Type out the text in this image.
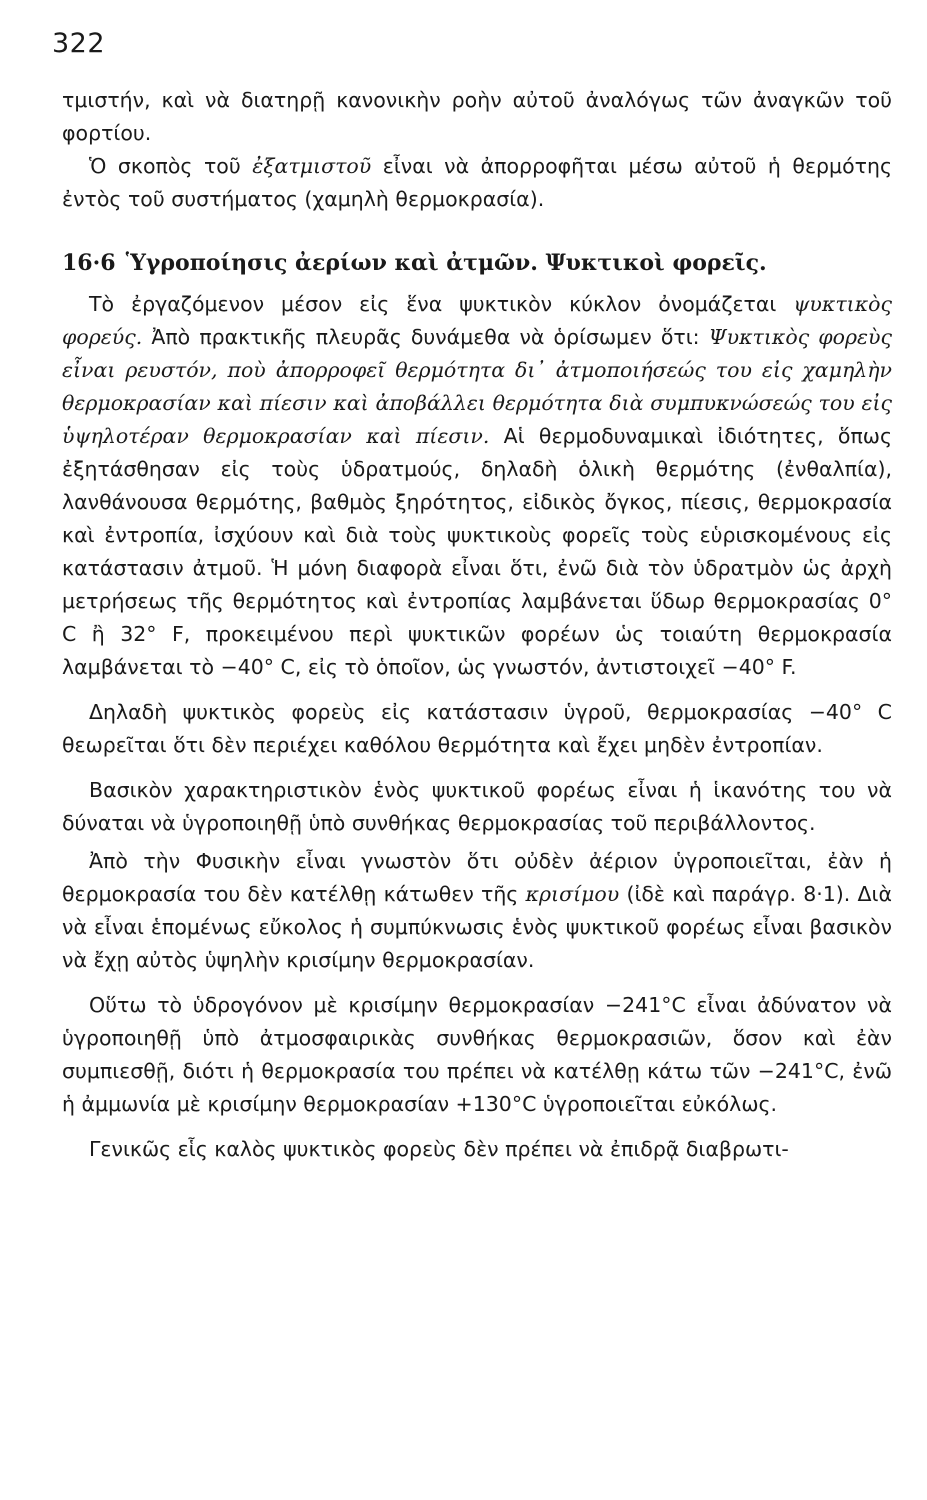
322

τμιστήν, καὶ νὰ διατηρῇ κανονικὴν ροὴν αὐτοῦ ἀναλόγως τῶν ἀναγκῶν τοῦ φορτίου.

Ὁ σκοπὸς τοῦ ἐξατμιστοῦ εἶναι νὰ ἀπορροφῆται μέσω αὐτοῦ ἡ θερμότης ἐντὸς τοῦ συστήματος (χαμηλὴ θερμοκρασία).

16·6 Ὑγροποίησις ἀερίων καὶ ἀτμῶν. Ψυκτικοὶ φορεῖς.

Τὸ ἐργαζόμενον μέσον εἰς ἕνα ψυκτικὸν κύκλον ὀνομάζεται ψυκτικὸς φορεύς. Ἀπὸ πρακτικῆς πλευρᾶς δυνάμεθα νὰ ὁρίσωμεν ὅτι: Ψυκτικὸς φορεὺς εἶναι ρευστόν, ποὺ ἀπορροφεῖ θερμότητα δι᾽ ἀτμοποιήσεώς του εἰς χαμηλὴν θερμοκρασίαν καὶ πίεσιν καὶ ἀποβάλλει θερμότητα διὰ συμπυκνώσεώς του εἰς ὑψηλοτέραν θερμοκρασίαν καὶ πίεσιν. Αἱ θερμοδυναμικαὶ ἰδιότητες, ὅπως ἐξητάσθησαν εἰς τοὺς ὑδρατμούς, δηλαδὴ ὁλικὴ θερμότης (ἐνθαλπία), λανθάνουσα θερμότης, βαθμὸς ξηρότητος, εἰδικὸς ὄγκος, πίεσις, θερμοκρασία καὶ ἐντροπία, ἰσχύουν καὶ διὰ τοὺς ψυκτικοὺς φορεῖς τοὺς εὑρισκομένους εἰς κατάστασιν ἀτμοῦ. Ἡ μόνη διαφορὰ εἶναι ὅτι, ἐνῶ διὰ τὸν ὑδρατμὸν ὡς ἀρχὴ μετρήσεως τῆς θερμότητος καὶ ἐντροπίας λαμβάνεται ὕδωρ θερμοκρασίας 0° C ἢ 32° F, προκειμένου περὶ ψυκτικῶν φορέων ὡς τοιαύτη θερμοκρασία λαμβάνεται τὸ −40° C, εἰς τὸ ὁποῖον, ὡς γνωστόν, ἀντιστοιχεῖ −40° F.

Δηλαδὴ ψυκτικὸς φορεὺς εἰς κατάστασιν ὑγροῦ, θερμοκρασίας −40° C θεωρεῖται ὅτι δὲν περιέχει καθόλου θερμότητα καὶ ἔχει μηδὲν ἐντροπίαν.

Βασικὸν χαρακτηριστικὸν ἑνὸς ψυκτικοῦ φορέως εἶναι ἡ ἱκανότης του νὰ δύναται νὰ ὑγροποιηθῇ ὑπὸ συνθήκας θερμοκρασίας τοῦ περιβάλλοντος.

Ἀπὸ τὴν Φυσικὴν εἶναι γνωστὸν ὅτι οὐδὲν ἀέριον ὑγροποιεῖται, ἐὰν ἡ θερμοκρασία του δὲν κατέλθῃ κάτωθεν τῆς κρισίμου (ἰδὲ καὶ παράγρ. 8·1). Διὰ νὰ εἶναι ἑπομένως εὔκολος ἡ συμπύκνωσις ἑνὸς ψυκτικοῦ φορέως εἶναι βασικὸν νὰ ἔχῃ αὐτὸς ὑψηλὴν κρισίμην θερμοκρασίαν.

Οὕτω τὸ ὑδρογόνον μὲ κρισίμην θερμοκρασίαν −241°C εἶναι ἀδύνατον νὰ ὑγροποιηθῇ ὑπὸ ἀτμοσφαιρικὰς συνθήκας θερμοκρασιῶν, ὅσον καὶ ἐὰν συμπιεσθῇ, διότι ἡ θερμοκρασία του πρέπει νὰ κατέλθῃ κάτω τῶν −241°C, ἐνῶ ἡ ἀμμωνία μὲ κρισίμην θερμοκρασίαν +130°C ὑγροποιεῖται εὐκόλως.

Γενικῶς εἷς καλὸς ψυκτικὸς φορεὺς δὲν πρέπει νὰ ἐπιδρᾷ διαβρωτι-
